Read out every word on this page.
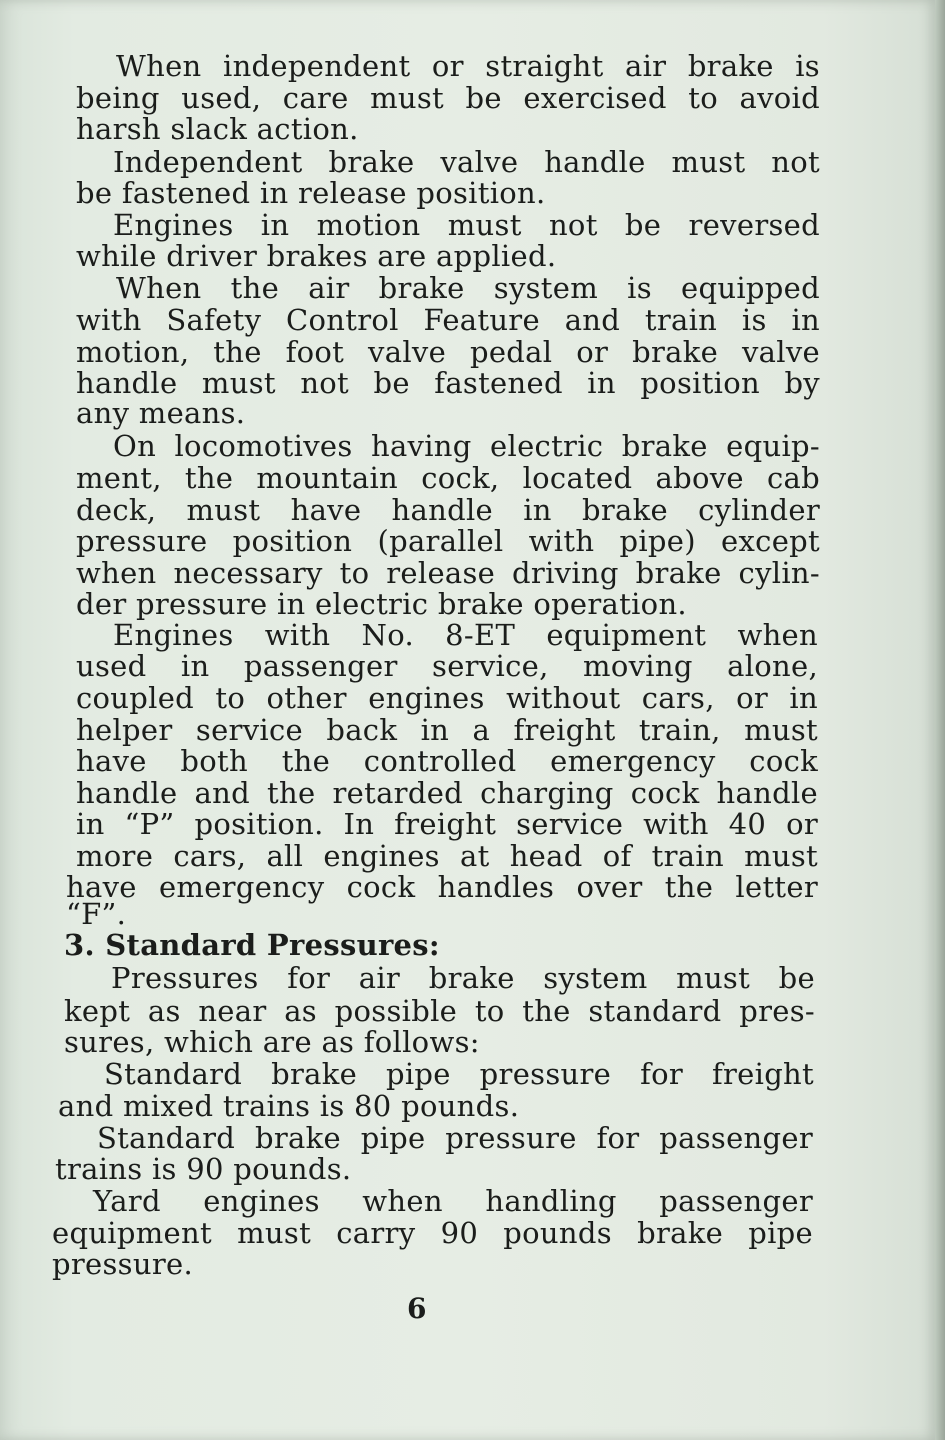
When independent or straight air brake is
being used, care must be exercised to avoid
harsh slack action.
Independent brake valve handle must not
be fastened in release position.
Engines in motion must not be reversed
while driver brakes are applied.
When the air brake system is equipped
with Safety Control Feature and train is in
motion, the foot valve pedal or brake valve
handle must not be fastened in position by
any means.
On locomotives having electric brake equip-
ment, the mountain cock, located above cab
deck, must have handle in brake cylinder
pressure position (parallel with pipe) except
when necessary to release driving brake cylin-
der pressure in electric brake operation.
Engines with No. 8-ET equipment when
used in passenger service, moving alone,
coupled to other engines without cars, or in
helper service back in a freight train, must
have both the controlled emergency cock
handle and the retarded charging cock handle
in “P” position. In freight service with 40 or
more cars, all engines at head of train must
have emergency cock handles over the letter
“F”.
3. Standard Pressures:
Pressures for air brake system must be
kept as near as possible to the standard pres-
sures, which are as follows:
Standard brake pipe pressure for freight
and mixed trains is 80 pounds.
Standard brake pipe pressure for passenger
trains is 90 pounds.
Yard engines when handling passenger
equipment must carry 90 pounds brake pipe
pressure.
6
